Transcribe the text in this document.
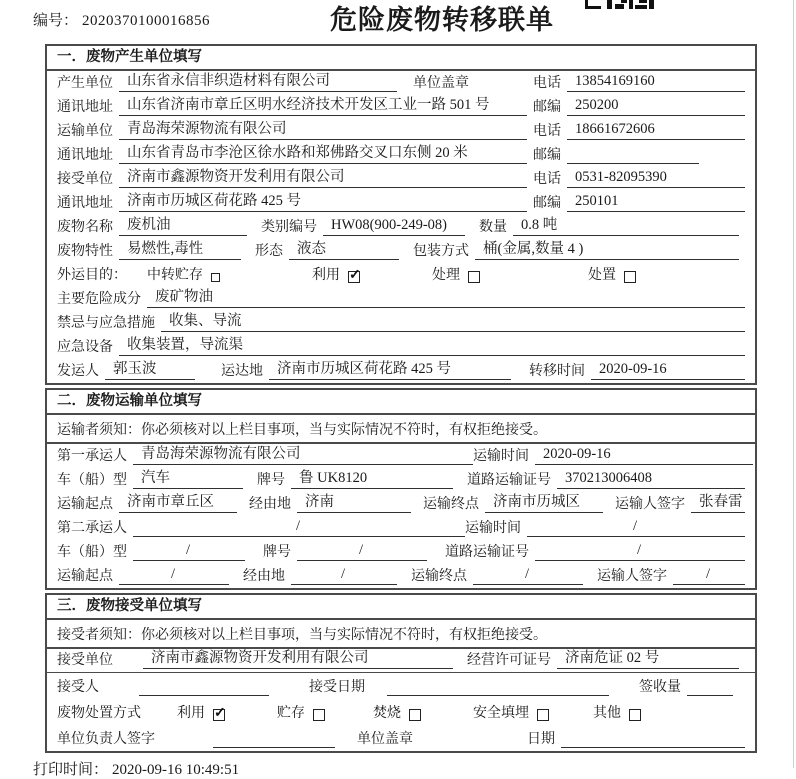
编号： 2020370100016856	危险废物转移联单
一．废物产生单位填写
产生单位 山东省永信非织造材料有限公司	单位盖章	电话 13854169160
通讯地址 山东省济南市章丘区明水经济技术开发区工业一路 501 号	邮编 250200
运输单位 青岛海荣源物流有限公司	电话 18661672606
通讯地址 山东省青岛市李沧区徐水路和郑佛路交叉口东侧 20 米	邮编
接受单位 济南市鑫源物资开发利用有限公司	电话 0531-82095390
通讯地址 济南市历城区荷花路 425 号	邮编 250101
废物名称 废机油	类别编号 HW08(900-249-08)	数量 0.8 吨
废物特性 易燃性,毒性	形态 液态	包装方式 桶(金属,数量 4 )
外运目的： 中转贮存	利用 ✓	处理	处置
主要危险成分 废矿物油
禁忌与应急措施 收集、导流
应急设备 收集装置，导流渠
发运人 郭玉波	运达地 济南市历城区荷花路 425 号	转移时间 2020-09-16
二．废物运输单位填写
运输者须知：你必须核对以上栏目事项，当与实际情况不符时，有权拒绝接受。
第一承运人 青岛海荣源物流有限公司	运输时间 2020-09-16
车（船）型 汽车	牌号 鲁 UK8120	道路运输证号 370213006408
运输起点 济南市章丘区	经由地 济南	运输终点 济南市历城区	运输人签字 张春雷
第二承运人	/	运输时间	/
车（船）型	/	牌号	/	道路运输证号	/
运输起点	/	经由地	/	运输终点	/	运输人签字	/
三．废物接受单位填写
接受者须知：你必须核对以上栏目事项，当与实际情况不符时，有权拒绝接受。
接受单位	济南市鑫源物资开发利用有限公司	经营许可证号 济南危证 02 号
接受人	接受日期	签收量
废物处置方式	利用 ✓	贮存	焚烧	安全填埋	其他
单位负责人签字	单位盖章	日期
打印时间： 2020-09-16 10:49:51
